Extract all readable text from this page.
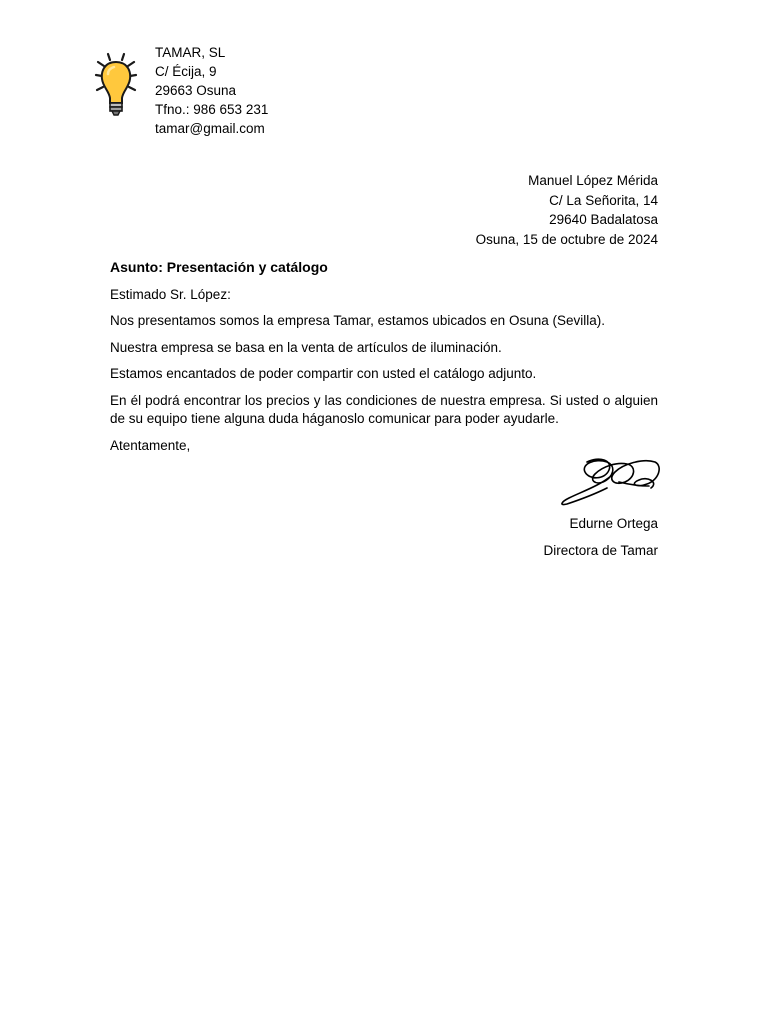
TAMAR, SL
C/ Écija, 9
29663 Osuna
Tfno.: 986 653 231
tamar@gmail.com
Manuel López Mérida
C/ La Señorita, 14
29640 Badalatosa
Osuna, 15 de octubre de 2024

Asunto: Presentación y catálogo

Estimado Sr. López:

Nos presentamos somos la empresa Tamar, estamos ubicados en Osuna (Sevilla).

Nuestra empresa se basa en la venta de artículos de iluminación.

Estamos encantados de poder compartir con usted el catálogo adjunto.

En él podrá encontrar los precios y las condiciones de nuestra empresa. Si usted o alguien de su equipo tiene alguna duda háganoslo comunicar para poder ayudarle.

Atentamente,

Edurne Ortega
Directora de Tamar
